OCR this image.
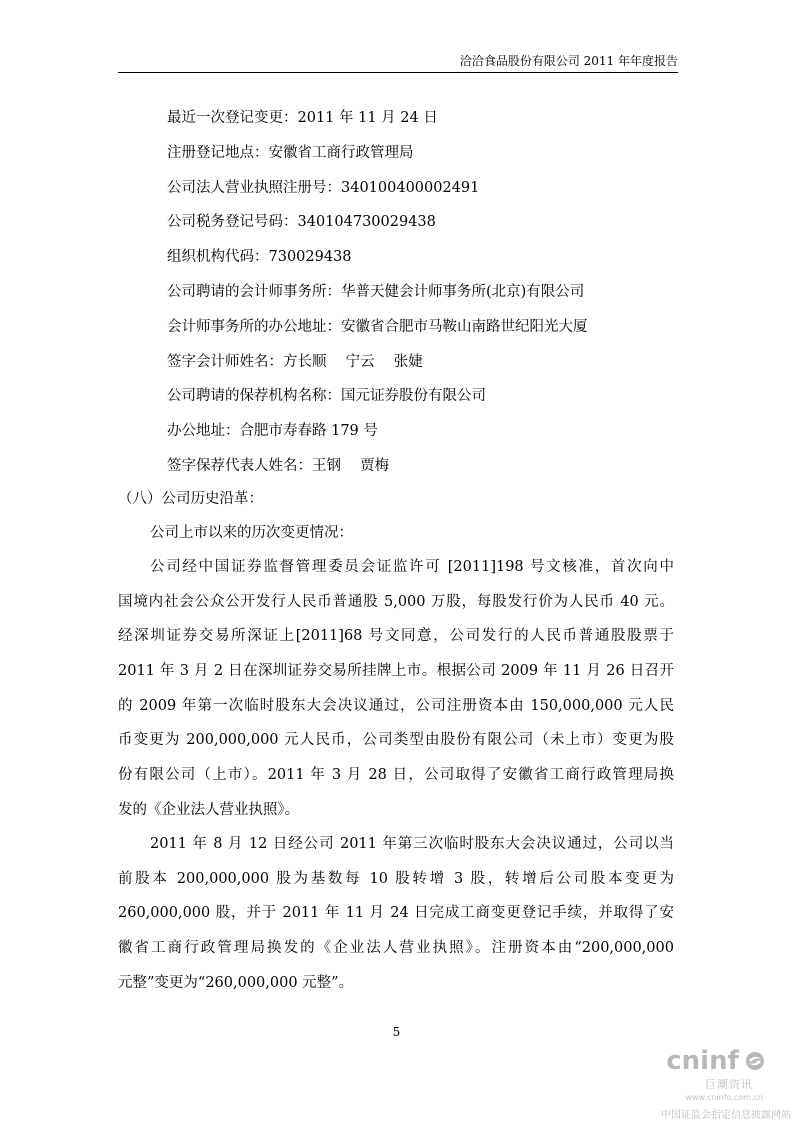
洽洽食品股份有限公司 2011 年年度报告
最近一次登记变更：2011 年 11 月 24 日
注册登记地点：安徽省工商行政管理局
公司法人营业执照注册号：340100400002491
公司税务登记号码：340104730029438
组织机构代码：730029438
公司聘请的会计师事务所：华普天健会计师事务所(北京)有限公司
会计师事务所的办公地址：安徽省合肥市马鞍山南路世纪阳光大厦
签字会计师姓名：方长顺　 宁云 　张婕
公司聘请的保荐机构名称：国元证券股份有限公司
办公地址：合肥市寿春路 179 号
签字保荐代表人姓名：王钢　 贾梅
（八）公司历史沿革：
公司上市以来的历次变更情况：
公司经中国证券监督管理委员会证监许可 [2011]198 号文核准，首次向中
国境内社会公众公开发行人民币普通股 5,000 万股，每股发行价为人民币 40 元。
经深圳证券交易所深证上[2011]68 号文同意，公司发行的人民币普通股股票于
2011 年 3 月 2 日在深圳证券交易所挂牌上市。根据公司 2009 年 11 月 26 日召开
的 2009 年第一次临时股东大会决议通过，公司注册资本由 150,000,000 元人民
币变更为 200,000,000 元人民币，公司类型由股份有限公司（未上市）变更为股
份有限公司（上市）。2011 年 3 月 28 日，公司取得了安徽省工商行政管理局换
发的《企业法人营业执照》。
2011 年 8 月 12 日经公司 2011 年第三次临时股东大会决议通过，公司以当
前股本 200,000,000 股为基数每 10 股转增 3 股，转增后公司股本变更为
260,000,000 股，并于 2011 年 11 月 24 日完成工商变更登记手续，并取得了安
徽省工商行政管理局换发的《企业法人营业执照》。注册资本由“200,000,000
元整”变更为“260,000,000 元整”。
5
cninf
巨潮资讯
www.cninfo.com.cn
中国证监会指定信息披露网站
